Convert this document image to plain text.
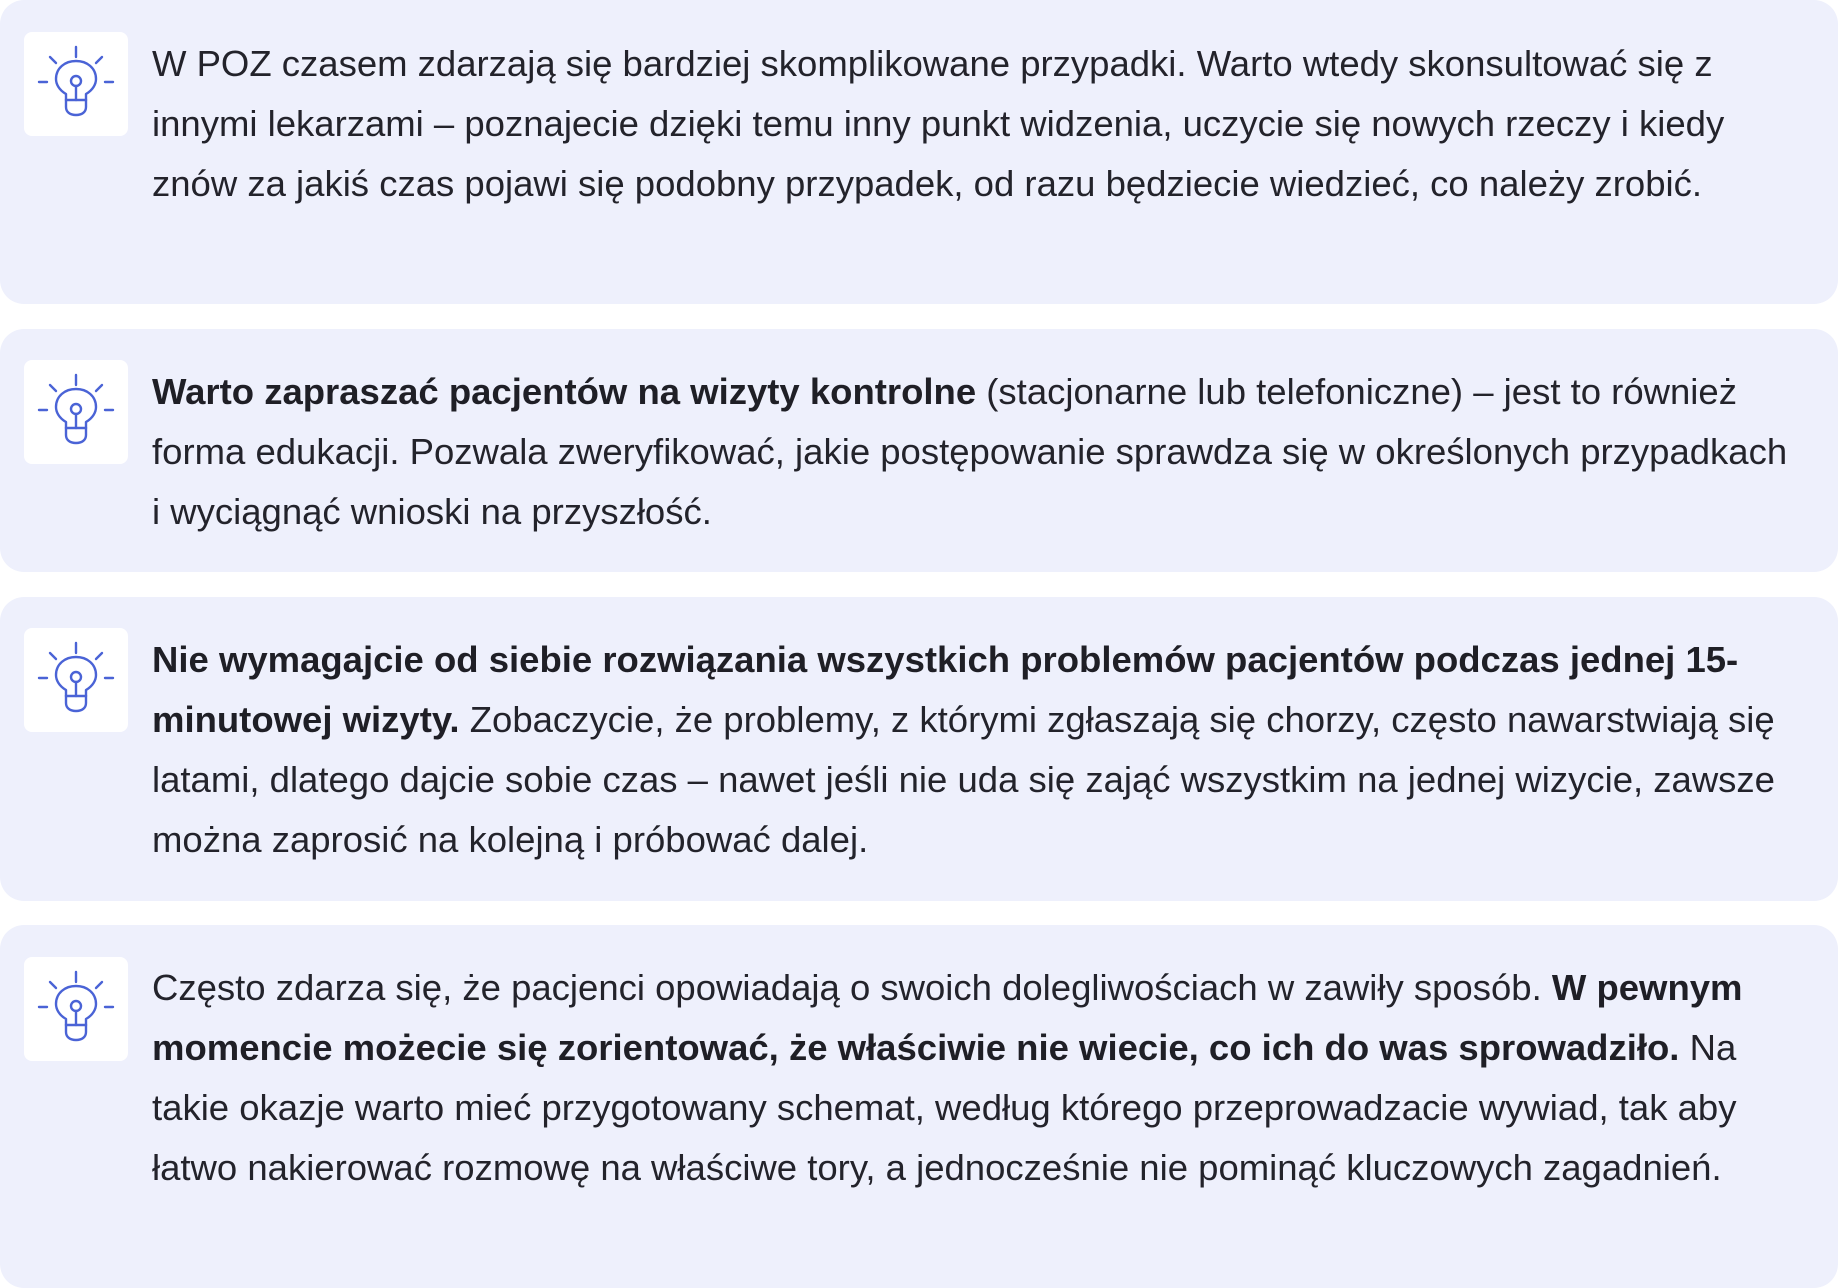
W POZ czasem zdarzają się bardziej skomplikowane przypadki. Warto wtedy skonsultować się z innymi lekarzami – poznajecie dzięki temu inny punkt widzenia, uczycie się nowych rzeczy i kiedy znów za jakiś czas pojawi się podobny przypadek, od razu będziecie wiedzieć, co należy zrobić.

Warto zapraszać pacjentów na wizyty kontrolne (stacjonarne lub telefoniczne) – jest to również forma edukacji. Pozwala zweryfikować, jakie postępowanie sprawdza się w określonych przypadkach i wyciągnąć wnioski na przyszłość.

Nie wymagajcie od siebie rozwiązania wszystkich problemów pacjentów podczas jednej 15-minutowej wizyty. Zobaczycie, że problemy, z którymi zgłaszają się chorzy, często nawarstwiają się latami, dlatego dajcie sobie czas – nawet jeśli nie uda się zająć wszystkim na jednej wizycie, zawsze można zaprosić na kolejną i próbować dalej.

Często zdarza się, że pacjenci opowiadają o swoich dolegliwościach w zawiły sposób. W pewnym momencie możecie się zorientować, że właściwie nie wiecie, co ich do was sprowadziło. Na takie okazje warto mieć przygotowany schemat, według którego przeprowadzacie wywiad, tak aby łatwo nakierować rozmowę na właściwe tory, a jednocześnie nie pominąć kluczowych zagadnień.
